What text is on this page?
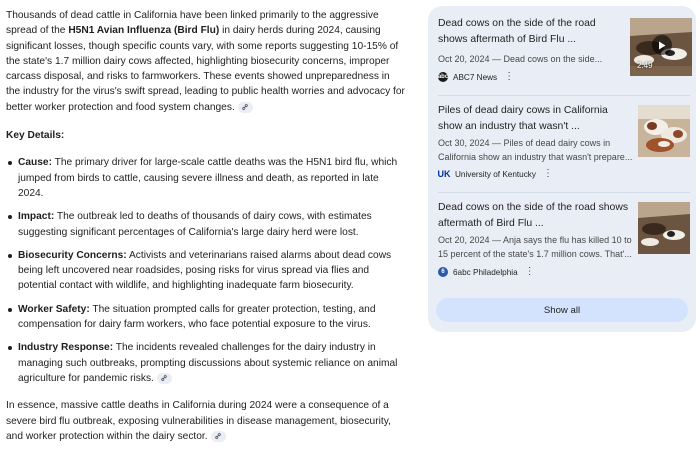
Thousands of dead cattle in California have been linked primarily to the aggressive spread of the H5N1 Avian Influenza (Bird Flu) in dairy herds during 2024, causing significant losses, though specific counts vary, with some reports suggesting 10-15% of the state's 1.7 million dairy cows affected, highlighting biosecurity concerns, improper carcass disposal, and risks to farmworkers. These events showed unpreparedness in the industry for the virus's swift spread, leading to public health worries and advocacy for better worker protection and food system changes.

Key Details:

Cause: The primary driver for large-scale cattle deaths was the H5N1 bird flu, which jumped from birds to cattle, causing severe illness and death, as reported in late 2024.
Impact: The outbreak led to deaths of thousands of dairy cows, with estimates suggesting significant percentages of California's large dairy herd were lost.
Biosecurity Concerns: Activists and veterinarians raised alarms about dead cows being left uncovered near roadsides, posing risks for virus spread via flies and potential contact with wildlife, and highlighting inadequate farm biosecurity.
Worker Safety: The situation prompted calls for greater protection, testing, and compensation for dairy farm workers, who face potential exposure to the virus.
Industry Response: The incidents revealed challenges for the dairy industry in managing such outbreaks, prompting discussions about systemic reliance on animal agriculture for pandemic risks.

In essence, massive cattle deaths in California during 2024 were a consequence of a severe bird flu outbreak, exposing vulnerabilities in disease management, biosecurity, and worker protection within the dairy sector.

Dead cows on the side of the road shows aftermath of Bird Flu ...
Oct 20, 2024 — Dead cows on the side...
abc ABC7 News ⋮
2:49
Piles of dead dairy cows in California show an industry that wasn't ...
Oct 30, 2024 — Piles of dead dairy cows in California show an industry that wasn't prepare...
UK University of Kentucky ⋮
Dead cows on the side of the road shows aftermath of Bird Flu ...
Oct 20, 2024 — Anja says the flu has killed 10 to 15 percent of the state's 1.7 million cows. That'...
6	6abc Philadelphia ⋮
Show all
